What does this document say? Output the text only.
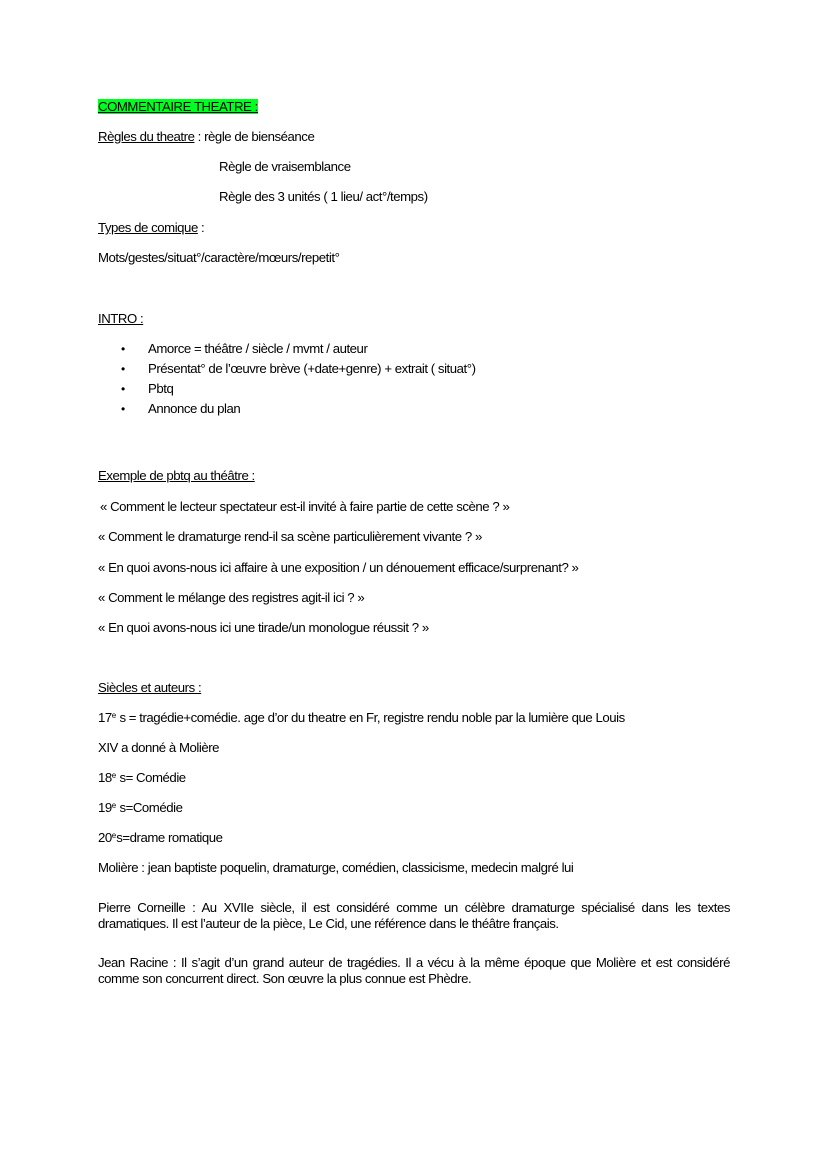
COMMENTAIRE THEATRE :

Règles du theatre : règle de bienséance

Règle de vraisemblance

Règle des 3 unités ( 1 lieu/ act°/temps)

Types de comique :

Mots/gestes/situat°/caractère/mœurs/repetit°

INTRO :

• Amorce = théâtre / siècle / mvmt / auteur

• Présentat° de l’œuvre brève (+date+genre) + extrait ( situat°)

• Pbtq

• Annonce du plan

Exemple de pbtq au théâtre :

« Comment le lecteur spectateur est-il invité à faire partie de cette scène ? »

« Comment le dramaturge rend-il sa scène particulièrement vivante ? »

« En quoi avons-nous ici affaire à une exposition / un dénouement efficace/surprenant? »

« Comment le mélange des registres agit-il ici ? »

« En quoi avons-nous ici une tirade/un monologue réussit ? »

Siècles et auteurs :

17e s = tragédie+comédie. age d’or du theatre en Fr, registre rendu noble par la lumière que Louis

XIV a donné à Molière

18e s= Comédie

19e s=Comédie

$20^es=drame$ romatique

Molière : jean baptiste poquelin, dramaturge, comédien, classicisme, medecin malgré lui

Pierre Corneille : Au XVIIe siècle, il est considéré comme un célèbre dramaturge spécialisé dans les textes dramatiques. Il est l’auteur de la pièce, Le Cid, une référence dans le théâtre français.

Jean Racine : Il s’agit d’un grand auteur de tragédies. Il a vécu à la même époque que Molière et est considéré comme son concurrent direct. Son œuvre la plus connue est Phèdre.
